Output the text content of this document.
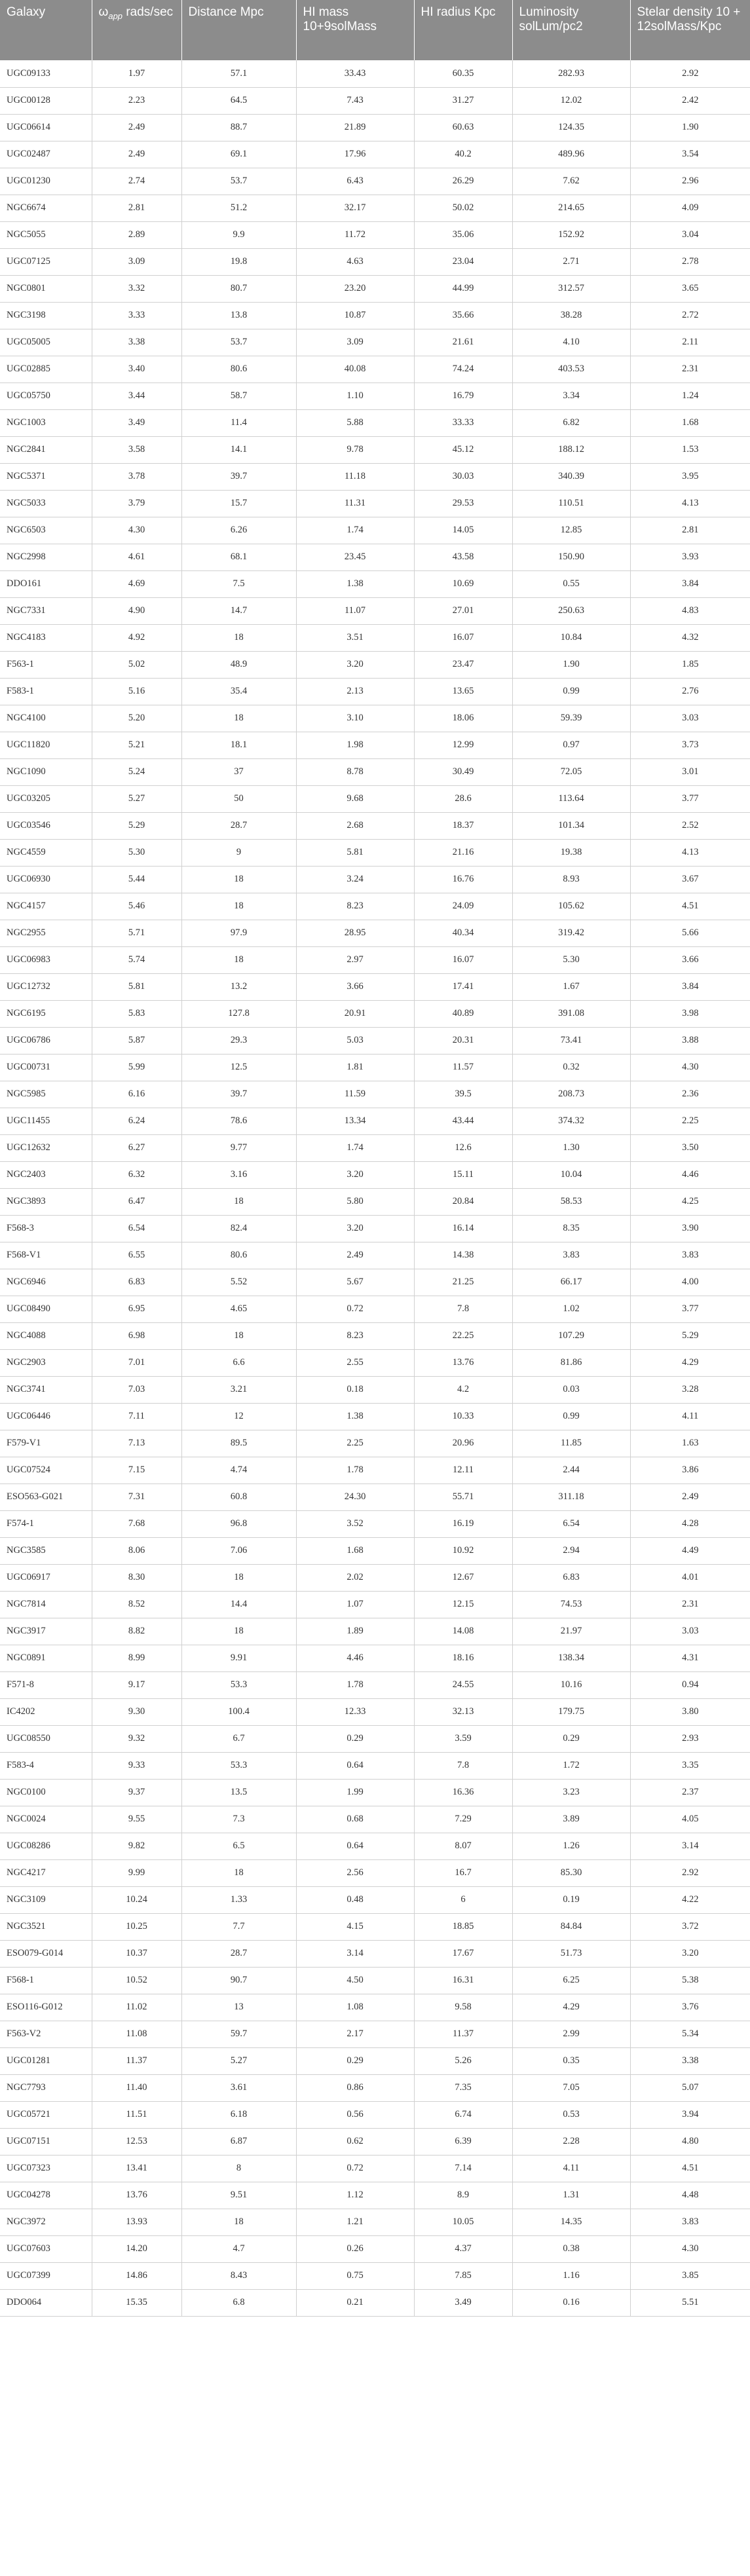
Galaxy	$\omega_{app}$ rads/sec	Distance Mpc	HI mass 10+9solMass	HI radius Kpc	Luminosity solLum/pc2	Stelar density 10 + 12solMass/Kpc
UGC09133	1.97	57.1	33.43	60.35	282.93	2.92
UGC00128	2.23	64.5	7.43	31.27	12.02	2.42
UGC06614	2.49	88.7	21.89	60.63	124.35	1.90
UGC02487	2.49	69.1	17.96	40.2	489.96	3.54
UGC01230	2.74	53.7	6.43	26.29	7.62	2.96
NGC6674	2.81	51.2	32.17	50.02	214.65	4.09
NGC5055	2.89	9.9	11.72	35.06	152.92	3.04
UGC07125	3.09	19.8	4.63	23.04	2.71	2.78
NGC0801	3.32	80.7	23.20	44.99	312.57	3.65
NGC3198	3.33	13.8	10.87	35.66	38.28	2.72
UGC05005	3.38	53.7	3.09	21.61	4.10	2.11
UGC02885	3.40	80.6	40.08	74.24	403.53	2.31
UGC05750	3.44	58.7	1.10	16.79	3.34	1.24
NGC1003	3.49	11.4	5.88	33.33	6.82	1.68
NGC2841	3.58	14.1	9.78	45.12	188.12	1.53
NGC5371	3.78	39.7	11.18	30.03	340.39	3.95
NGC5033	3.79	15.7	11.31	29.53	110.51	4.13
NGC6503	4.30	6.26	1.74	14.05	12.85	2.81
NGC2998	4.61	68.1	23.45	43.58	150.90	3.93
DDO161	4.69	7.5	1.38	10.69	0.55	3.84
NGC7331	4.90	14.7	11.07	27.01	250.63	4.83
NGC4183	4.92	18	3.51	16.07	10.84	4.32
F563-1	5.02	48.9	3.20	23.47	1.90	1.85
F583-1	5.16	35.4	2.13	13.65	0.99	2.76
NGC4100	5.20	18	3.10	18.06	59.39	3.03
UGC11820	5.21	18.1	1.98	12.99	0.97	3.73
NGC1090	5.24	37	8.78	30.49	72.05	3.01
UGC03205	5.27	50	9.68	28.6	113.64	3.77
UGC03546	5.29	28.7	2.68	18.37	101.34	2.52
NGC4559	5.30	9	5.81	21.16	19.38	4.13
UGC06930	5.44	18	3.24	16.76	8.93	3.67
NGC4157	5.46	18	8.23	24.09	105.62	4.51
NGC2955	5.71	97.9	28.95	40.34	319.42	5.66
UGC06983	5.74	18	2.97	16.07	5.30	3.66
UGC12732	5.81	13.2	3.66	17.41	1.67	3.84
NGC6195	5.83	127.8	20.91	40.89	391.08	3.98
UGC06786	5.87	29.3	5.03	20.31	73.41	3.88
UGC00731	5.99	12.5	1.81	11.57	0.32	4.30
NGC5985	6.16	39.7	11.59	39.5	208.73	2.36
UGC11455	6.24	78.6	13.34	43.44	374.32	2.25
UGC12632	6.27	9.77	1.74	12.6	1.30	3.50
NGC2403	6.32	3.16	3.20	15.11	10.04	4.46
NGC3893	6.47	18	5.80	20.84	58.53	4.25
F568-3	6.54	82.4	3.20	16.14	8.35	3.90
F568-V1	6.55	80.6	2.49	14.38	3.83	3.83
NGC6946	6.83	5.52	5.67	21.25	66.17	4.00
UGC08490	6.95	4.65	0.72	7.8	1.02	3.77
NGC4088	6.98	18	8.23	22.25	107.29	5.29
NGC2903	7.01	6.6	2.55	13.76	81.86	4.29
NGC3741	7.03	3.21	0.18	4.2	0.03	3.28
UGC06446	7.11	12	1.38	10.33	0.99	4.11
F579-V1	7.13	89.5	2.25	20.96	11.85	1.63
UGC07524	7.15	4.74	1.78	12.11	2.44	3.86
ESO563-G021	7.31	60.8	24.30	55.71	311.18	2.49
F574-1	7.68	96.8	3.52	16.19	6.54	4.28
NGC3585	8.06	7.06	1.68	10.92	2.94	4.49
UGC06917	8.30	18	2.02	12.67	6.83	4.01
NGC7814	8.52	14.4	1.07	12.15	74.53	2.31
NGC3917	8.82	18	1.89	14.08	21.97	3.03
NGC0891	8.99	9.91	4.46	18.16	138.34	4.31
F571-8	9.17	53.3	1.78	24.55	10.16	0.94
IC4202	9.30	100.4	12.33	32.13	179.75	3.80
UGC08550	9.32	6.7	0.29	3.59	0.29	2.93
F583-4	9.33	53.3	0.64	7.8	1.72	3.35
NGC0100	9.37	13.5	1.99	16.36	3.23	2.37
NGC0024	9.55	7.3	0.68	7.29	3.89	4.05
UGC08286	9.82	6.5	0.64	8.07	1.26	3.14
NGC4217	9.99	18	2.56	16.7	85.30	2.92
NGC3109	10.24	1.33	0.48	6	0.19	4.22
NGC3521	10.25	7.7	4.15	18.85	84.84	3.72
ESO079-G014	10.37	28.7	3.14	17.67	51.73	3.20
F568-1	10.52	90.7	4.50	16.31	6.25	5.38
ESO116-G012	11.02	13	1.08	9.58	4.29	3.76
F563-V2	11.08	59.7	2.17	11.37	2.99	5.34
UGC01281	11.37	5.27	0.29	5.26	0.35	3.38
NGC7793	11.40	3.61	0.86	7.35	7.05	5.07
UGC05721	11.51	6.18	0.56	6.74	0.53	3.94
UGC07151	12.53	6.87	0.62	6.39	2.28	4.80
UGC07323	13.41	8	0.72	7.14	4.11	4.51
UGC04278	13.76	9.51	1.12	8.9	1.31	4.48
NGC3972	13.93	18	1.21	10.05	14.35	3.83
UGC07603	14.20	4.7	0.26	4.37	0.38	4.30
UGC07399	14.86	8.43	0.75	7.85	1.16	3.85
DDO064	15.35	6.8	0.21	3.49	0.16	5.51
